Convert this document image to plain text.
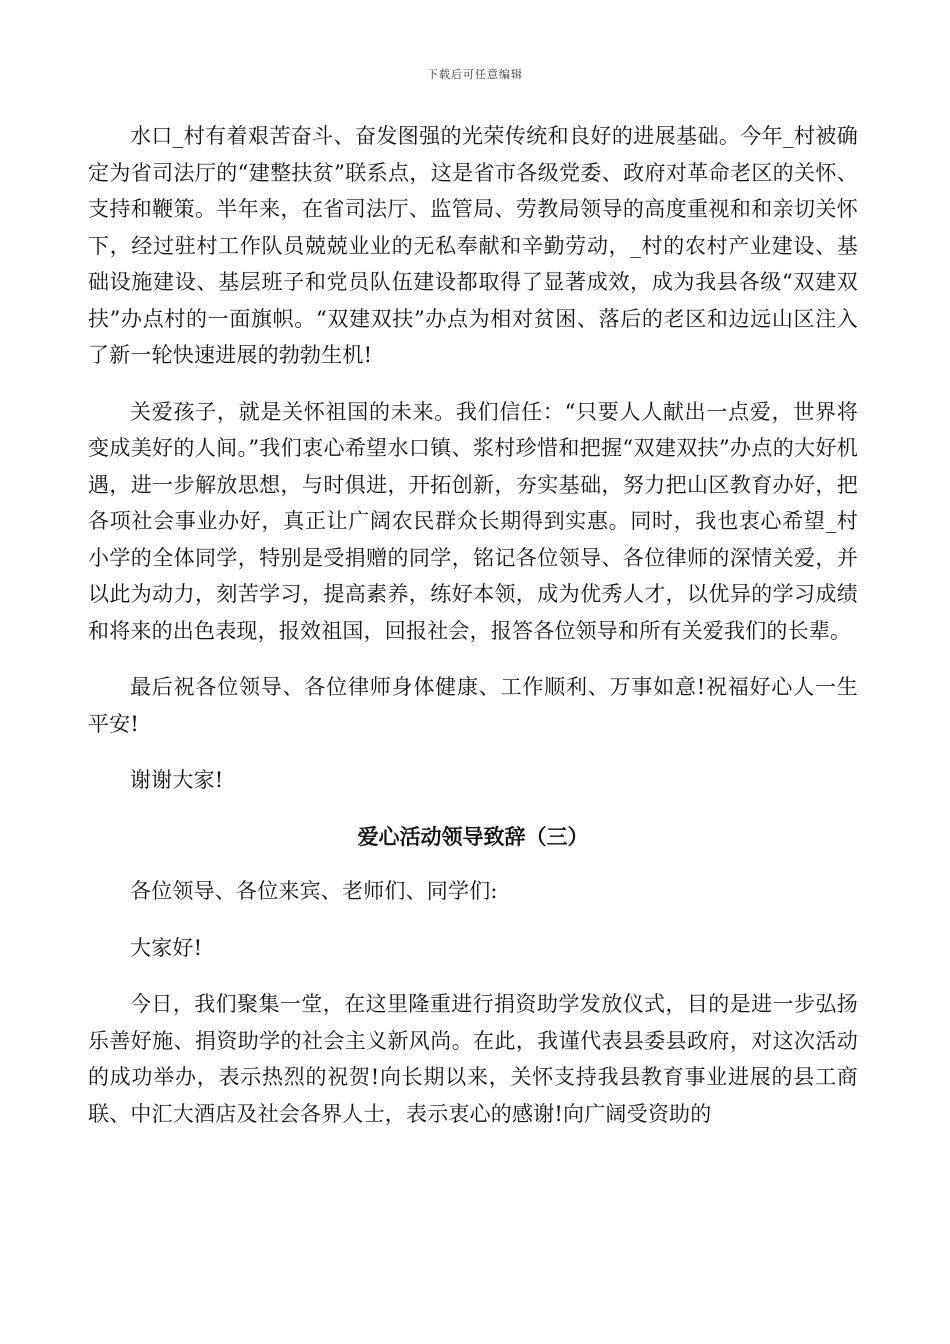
下载后可任意编辑

水口_村有着艰苦奋斗、奋发图强的光荣传统和良好的进展基础。今年_村被确定为省司法厅的“建整扶贫”联系点，这是省市各级党委、政府对革命老区的关怀、支持和鞭策。半年来，在省司法厅、监管局、劳教局领导的高度重视和和亲切关怀下，经过驻村工作队员兢兢业业的无私奉献和辛勤劳动，_村的农村产业建设、基础设施建设、基层班子和党员队伍建设都取得了显著成效，成为我县各级“双建双扶”办点村的一面旗帜。“双建双扶”办点为相对贫困、落后的老区和边远山区注入了新一轮快速进展的勃勃生机!

关爱孩子，就是关怀祖国的未来。我们信任：“只要人人献出一点爱，世界将变成美好的人间。”我们衷心希望水口镇、浆村珍惜和把握“双建双扶”办点的大好机遇，进一步解放思想，与时俱进，开拓创新，夯实基础，努力把山区教育办好，把各项社会事业办好，真正让广阔农民群众长期得到实惠。同时，我也衷心希望_村小学的全体同学，特别是受捐赠的同学，铭记各位领导、各位律师的深情关爱，并以此为动力，刻苦学习，提高素养，练好本领，成为优秀人才，以优异的学习成绩和将来的出色表现，报效祖国，回报社会，报答各位领导和所有关爱我们的长辈。

最后祝各位领导、各位律师身体健康、工作顺利、万事如意!祝福好心人一生平安!

谢谢大家!

爱心活动领导致辞（三）

各位领导、各位来宾、老师们、同学们:

大家好!

今日，我们聚集一堂，在这里隆重进行捐资助学发放仪式，目的是进一步弘扬乐善好施、捐资助学的社会主义新风尚。在此，我谨代表县委县政府，对这次活动的成功举办，表示热烈的祝贺!向长期以来，关怀支持我县教育事业进展的县工商联、中汇大酒店及社会各界人士，表示衷心的感谢!向广阔受资助的
